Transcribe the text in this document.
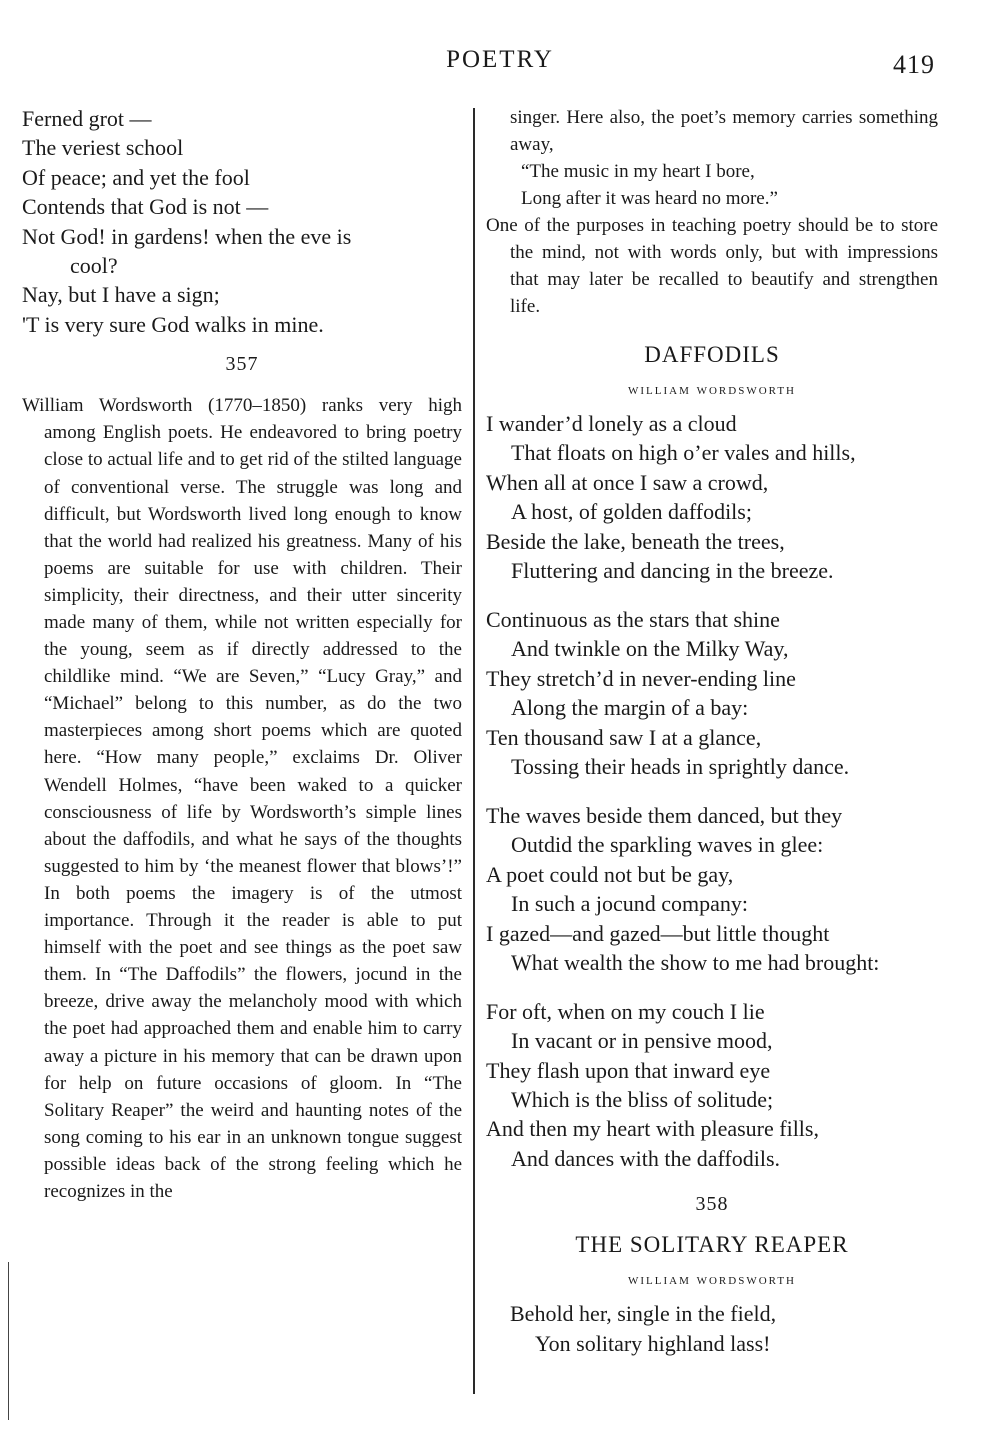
POETRY	419
Ferned grot —
The veriest school
Of peace; and yet the fool
Contends that God is not —
Not God! in gardens! when the eve is
cool?
Nay, but I have a sign;
'T is very sure God walks in mine.
357
William Wordsworth (1770–1850) ranks very high among English poets. He endeavored to bring poetry close to actual life and to get rid of the stilted language of conventional verse. The struggle was long and difficult, but Wordsworth lived long enough to know that the world had realized his greatness. Many of his poems are suitable for use with children. Their simplicity, their directness, and their utter sincerity made many of them, while not written especially for the young, seem as if directly addressed to the childlike mind. “We are Seven,” “Lucy Gray,” and “Michael” belong to this number, as do the two masterpieces among short poems which are quoted here. “How many people,” exclaims Dr. Oliver Wendell Holmes, “have been waked to a quicker consciousness of life by Wordsworth’s simple lines about the daffodils, and what he says of the thoughts suggested to him by ‘the meanest flower that blows’!” In both poems the imagery is of the utmost importance. Through it the reader is able to put himself with the poet and see things as the poet saw them. In “The Daffodils” the flowers, jocund in the breeze, drive away the melancholy mood with which the poet had approached them and enable him to carry away a picture in his memory that can be drawn upon for help on future occasions of gloom. In “The Solitary Reaper” the weird and haunting notes of the song coming to his ear in an unknown tongue suggest possible ideas back of the strong feeling which he recognizes in the
singer. Here also, the poet’s memory carries something away,
“The music in my heart I bore,
Long after it was heard no more.”
One of the purposes in teaching poetry should be to store the mind, not with words only, but with impressions that may later be recalled to beautify and strengthen life.
DAFFODILS
william wordsworth
I wander’d lonely as a cloud
That floats on high o’er vales and hills,
When all at once I saw a crowd,
A host, of golden daffodils;
Beside the lake, beneath the trees,
Fluttering and dancing in the breeze.
Continuous as the stars that shine
And twinkle on the Milky Way,
They stretch’d in never-ending line
Along the margin of a bay:
Ten thousand saw I at a glance,
Tossing their heads in sprightly dance.
The waves beside them danced, but they
Outdid the sparkling waves in glee:
A poet could not but be gay,
In such a jocund company:
I gazed—and gazed—but little thought
What wealth the show to me had brought:
For oft, when on my couch I lie
In vacant or in pensive mood,
They flash upon that inward eye
Which is the bliss of solitude;
And then my heart with pleasure fills,
And dances with the daffodils.
358
THE SOLITARY REAPER
william wordsworth
Behold her, single in the field,
Yon solitary highland lass!
